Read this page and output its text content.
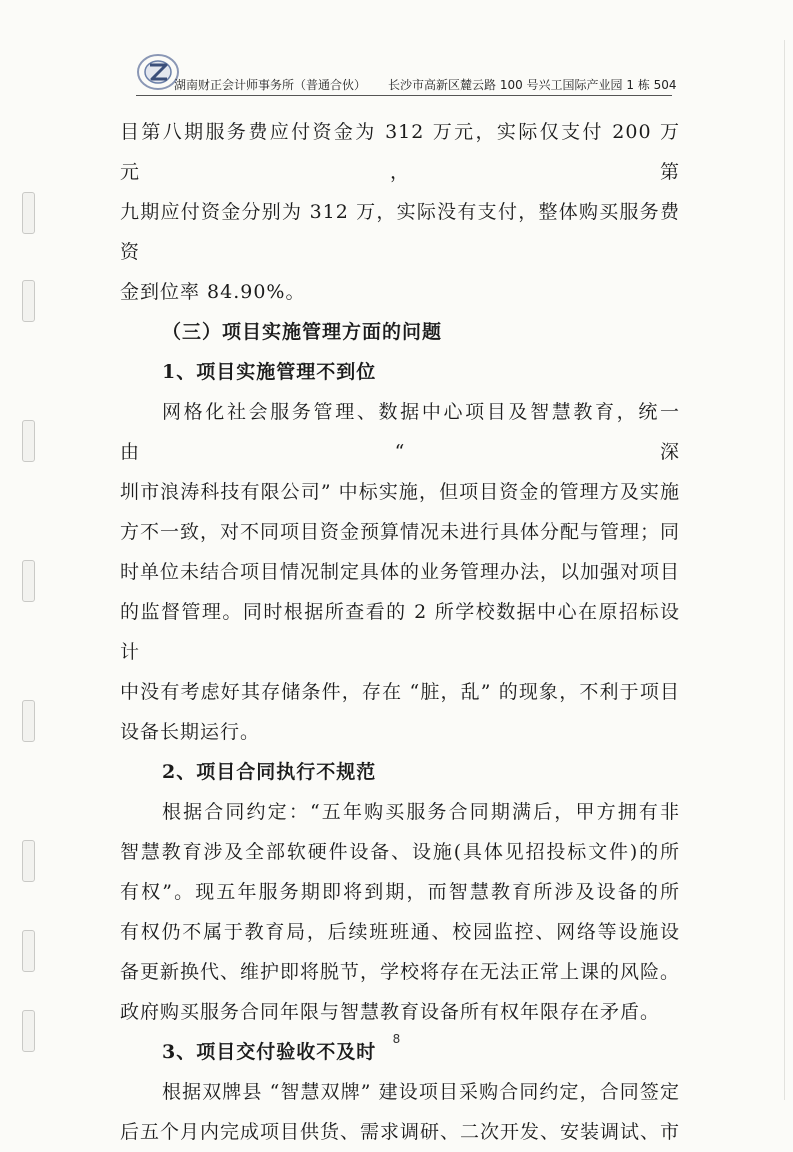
湖南财正会计师事务所（普通合伙） 长沙市高新区麓云路 100 号兴工国际产业园 1 栋 504

目第八期服务费应付资金为 312 万元，实际仅支付 200 万元，第

九期应付资金分别为 312 万，实际没有支付，整体购买服务费资

金到位率 84.90%。

（三）项目实施管理方面的问题

1、项目实施管理不到位

网格化社会服务管理、数据中心项目及智慧教育，统一由“深

圳市浪涛科技有限公司” 中标实施，但项目资金的管理方及实施

方不一致，对不同项目资金预算情况未进行具体分配与管理；同

时单位未结合项目情况制定具体的业务管理办法，以加强对项目

的监督管理。同时根据所查看的 2 所学校数据中心在原招标设计

中没有考虑好其存储条件，存在 “脏，乱” 的现象，不利于项目

设备长期运行。

2、项目合同执行不规范

根据合同约定：“五年购买服务合同期满后，甲方拥有非

智慧教育涉及全部软硬件设备、设施(具体见招投标文件)的所

有权”。现五年服务期即将到期，而智慧教育所涉及设备的所

有权仍不属于教育局，后续班班通、校园监控、网络等设施设

备更新换代、维护即将脱节，学校将存在无法正常上课的风险。

政府购买服务合同年限与智慧教育设备所有权年限存在矛盾。

3、项目交付验收不及时

根据双牌县 “智慧双牌” 建设项目采购合同约定，合同签定

后五个月内完成项目供货、需求调研、二次开发、安装调试、市

8
